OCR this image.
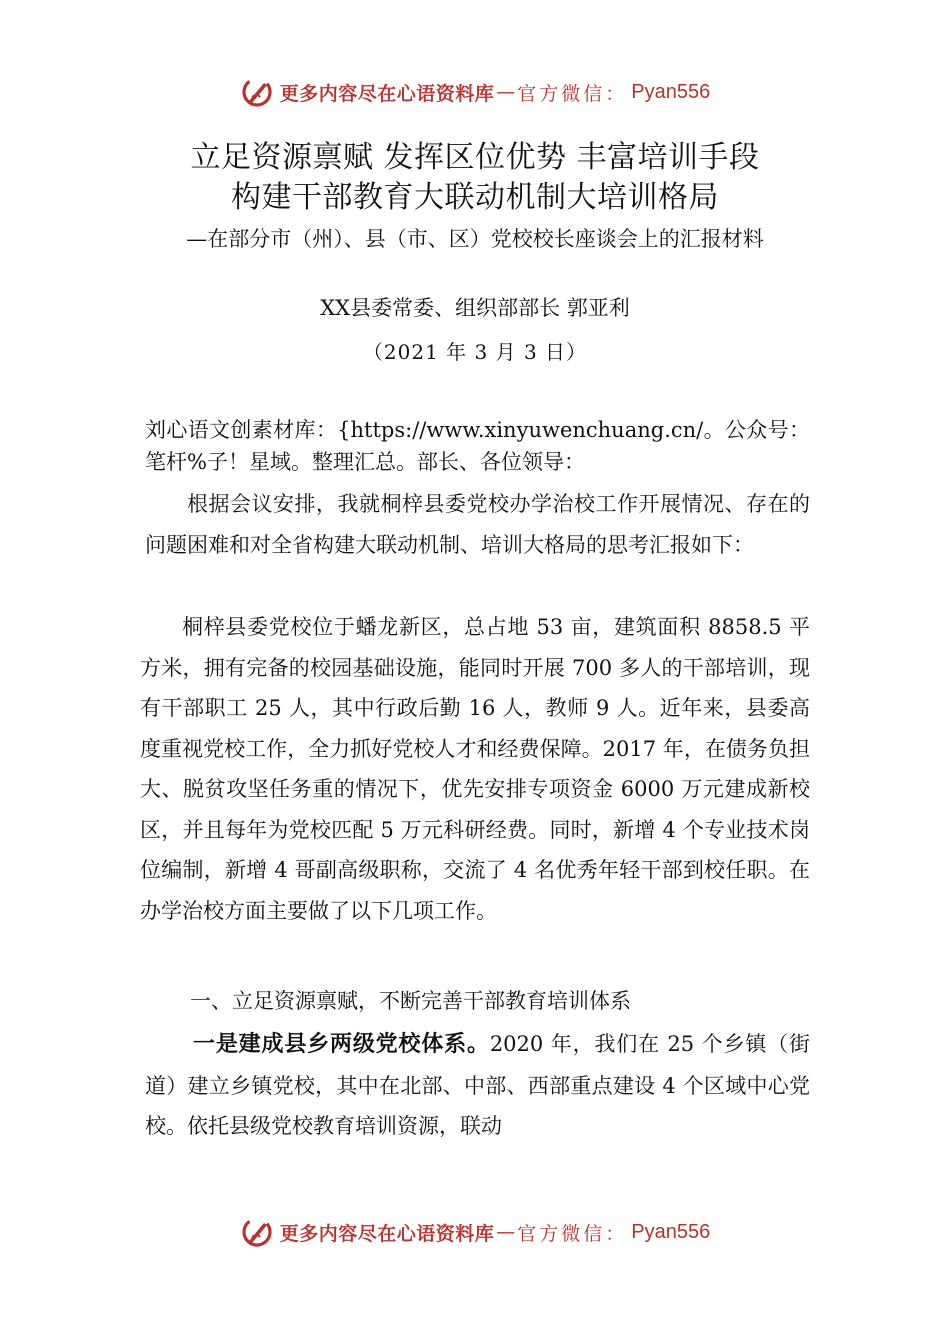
更多内容尽在心语资料库 — 官方微信： Pyan556
立足资源禀赋 发挥区位优势 丰富培训手段
构建干部教育大联动机制大培训格局
—在部分市（州）、县（市、区）党校校长座谈会上的汇报材料
XX县委常委、组织部部长 郭亚利
（2021 年 3 月 3 日）
刘心语文创素材库：{https://www.xinyuwenchuang.cn/。公众号：笔杆%子！星域。整理汇总。部长、各位领导：
根据会议安排，我就桐梓县委党校办学治校工作开展情况、存在的问题困难和对全省构建大联动机制、培训大格局的思考汇报如下：
桐梓县委党校位于蟠龙新区，总占地 53 亩，建筑面积 8858.5 平方米，拥有完备的校园基础设施，能同时开展 700 多人的干部培训，现有干部职工 25 人，其中行政后勤 16 人，教师 9 人。近年来，县委高度重视党校工作，全力抓好党校人才和经费保障。2017 年，在债务负担大、脱贫攻坚任务重的情况下，优先安排专项资金 6000 万元建成新校区，并且每年为党校匹配 5 万元科研经费。同时，新增 4 个专业技术岗位编制，新增 4 哥副高级职称，交流了 4 名优秀年轻干部到校任职。在办学治校方面主要做了以下几项工作。
一、立足资源禀赋，不断完善干部教育培训体系
一是建成县乡两级党校体系。2020 年，我们在 25 个乡镇（街道）建立乡镇党校，其中在北部、中部、西部重点建设 4 个区域中心党校。依托县级党校教育培训资源，联动
更多内容尽在心语资料库 — 官方微信： Pyan556
